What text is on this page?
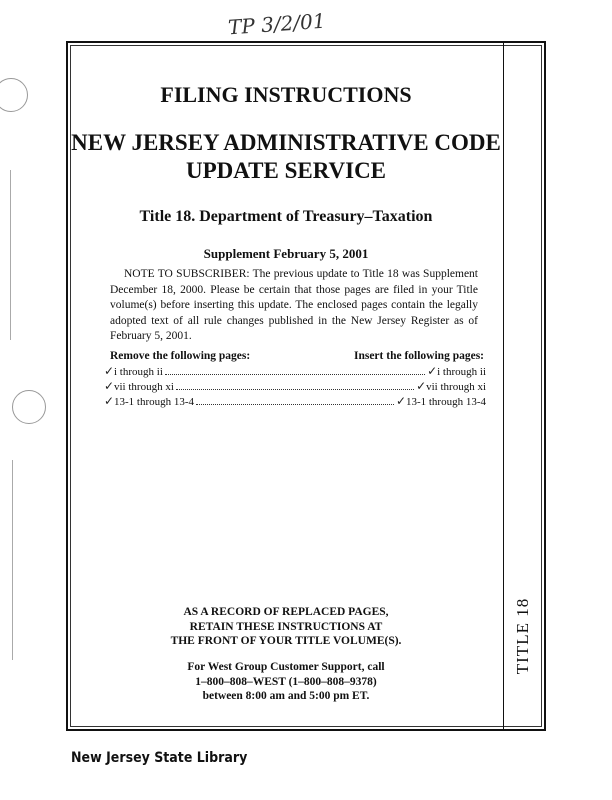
TP 3/2/01
FILING INSTRUCTIONS
NEW JERSEY ADMINISTRATIVE CODE
UPDATE SERVICE
Title 18. Department of Treasury–Taxation
Supplement February 5, 2001

NOTE TO SUBSCRIBER: The previous update to Title 18 was Supplement December 18, 2000. Please be certain that those pages are filed in your Title volume(s) before inserting this update. The enclosed pages contain the legally adopted text of all rule changes published in the New Jersey Register as of February 5, 2001.

Remove the following pages:	Insert the following pages:
✓ i through ii	✓ i through ii
✓ vii through xi	✓ vii through xi
✓ 13-1 through 13-4	✓ 13-1 through 13-4
AS A RECORD OF REPLACED PAGES,
RETAIN THESE INSTRUCTIONS AT
THE FRONT OF YOUR TITLE VOLUME(S).
For West Group Customer Support, call
1–800–808–WEST (1–800–808–9378)
between 8:00 am and 5:00 pm ET.
TITLE 18
New Jersey State Library
